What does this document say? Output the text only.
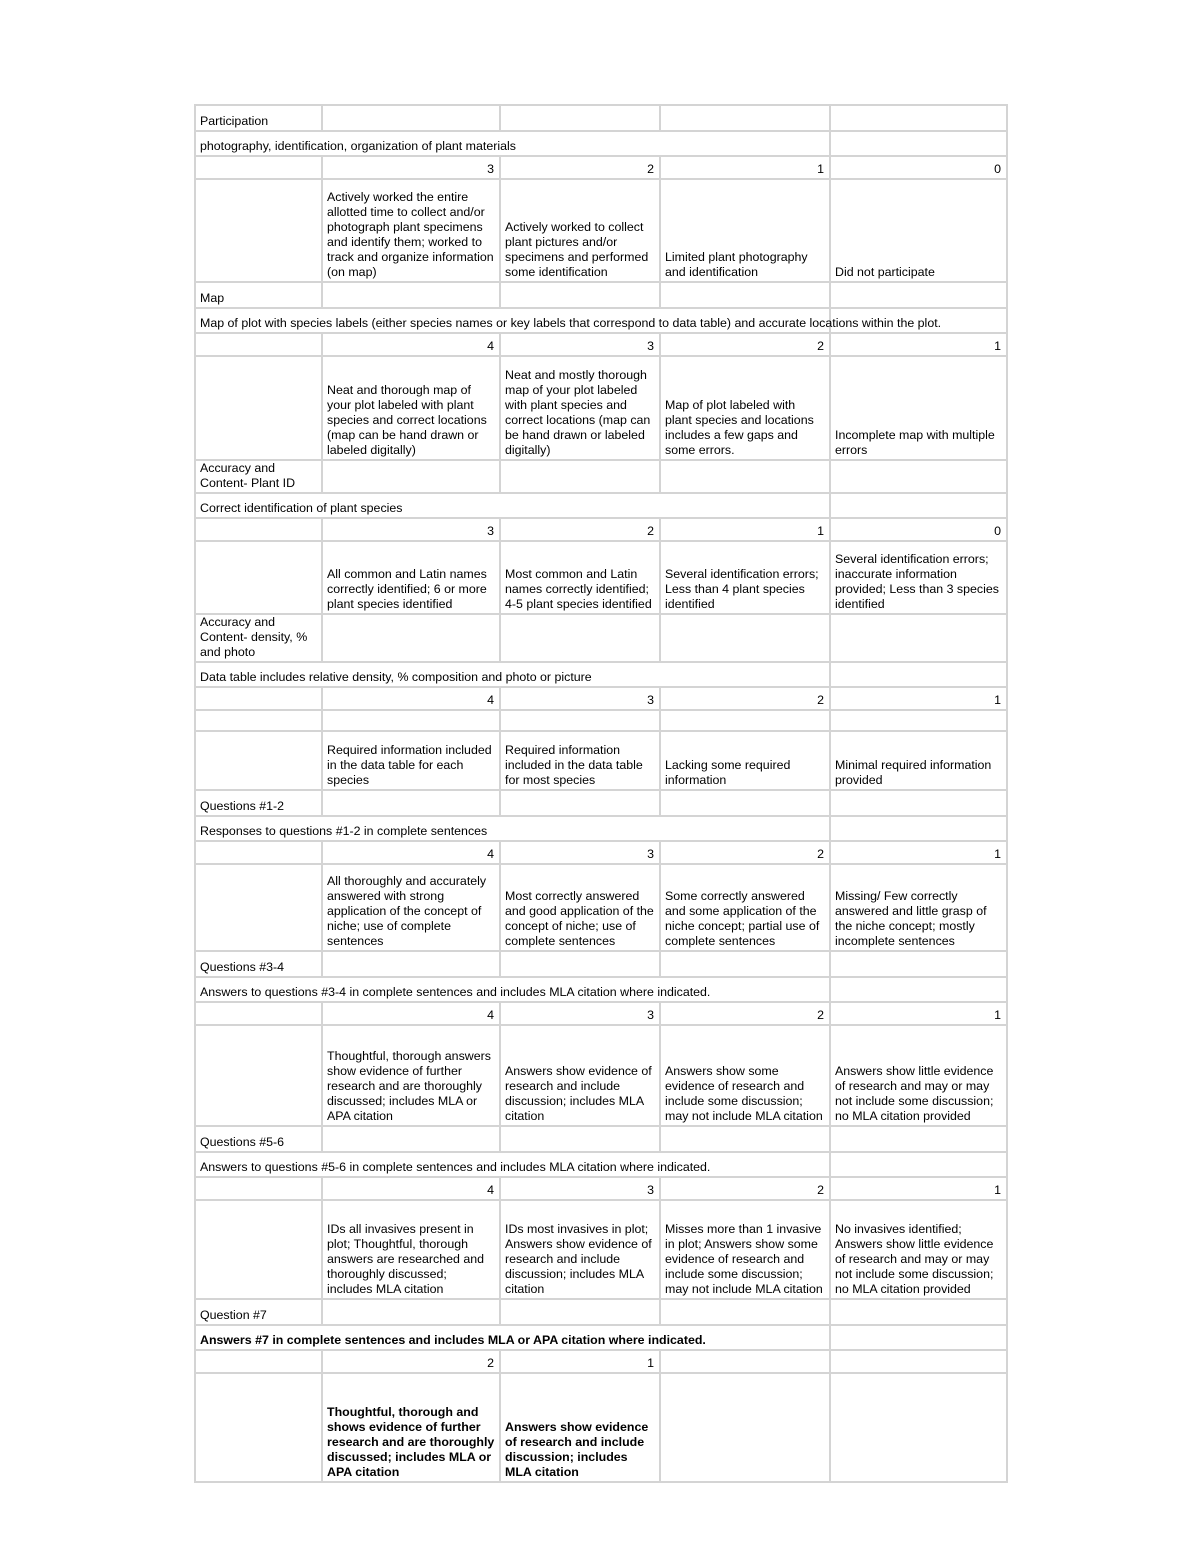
Participation				
photography, identification, organization of plant materials				
	3	2	1	0
	Actively worked the entire allotted time to collect and/or photograph plant specimens and identify them; worked to track and organize information (on map)	Actively worked to collect plant pictures and/or specimens and performed some identification	Limited plant photography and identification	Did not participate
Map				
Map of plot with species labels (either species names or key labels that correspond to data table) and accurate locations within the plot.				
	4	3	2	1
	Neat and thorough map of your plot labeled with plant species and correct locations (map can be hand drawn or labeled digitally)	Neat and mostly thorough map of your plot labeled with plant species and correct locations (map can be hand drawn or labeled digitally)	Map of plot labeled with plant species and locations includes a few gaps and some errors.	Incomplete map with multiple errors
Accuracy and Content- Plant ID				
Correct identification of plant species				
	3	2	1	0
	All common and Latin names correctly identified; 6 or more plant species identified	Most common and Latin names correctly identified; 4-5 plant species identified	Several identification errors; Less than 4 plant species identified	Several identification errors; inaccurate information provided; Less than 3 species identified
Accuracy and Content- density, % and photo				
Data table includes relative density, % composition and photo or picture				
	4	3	2	1

	Required information included in the data table for each species	Required information included in the data table for most species	Lacking some required information	Minimal required information provided
Questions #1-2				
Responses to questions #1-2 in complete sentences				
	4	3	2	1
	All thoroughly and accurately answered with strong application of the concept of niche; use of complete sentences	Most correctly answered and good application of the concept of niche; use of complete sentences	Some correctly answered and some application of the niche concept; partial use of complete sentences	Missing/ Few correctly answered and little grasp of the niche concept; mostly incomplete sentences
Questions #3-4				
Answers to questions #3-4 in complete sentences and includes MLA citation where indicated.				
	4	3	2	1
	Thoughtful, thorough answers show evidence of further research and are thoroughly discussed; includes MLA or APA citation	Answers show evidence of research and include discussion; includes MLA citation	Answers show some evidence of research and include some discussion; may not include MLA citation	Answers show little evidence of research and may or may not include some discussion; no MLA citation provided
Questions #5-6				
Answers to questions #5-6 in complete sentences and includes MLA citation where indicated.				
	4	3	2	1
	IDs all invasives present in plot; Thoughtful, thorough answers are researched and thoroughly discussed; includes MLA citation	IDs most invasives in plot; Answers show evidence of research and include discussion; includes MLA citation	Misses more than 1 invasive in plot; Answers show some evidence of research and include some discussion; may not include MLA citation	No invasives identified; Answers show little evidence of research and may or may not include some discussion; no MLA citation provided
Question #7				
Answers #7 in complete sentences and includes MLA or APA citation where indicated.				
	2	1		
	Thoughtful, thorough and shows evidence of further research and are thoroughly discussed; includes MLA or APA citation	Answers show evidence of research and include discussion; includes MLA citation		
